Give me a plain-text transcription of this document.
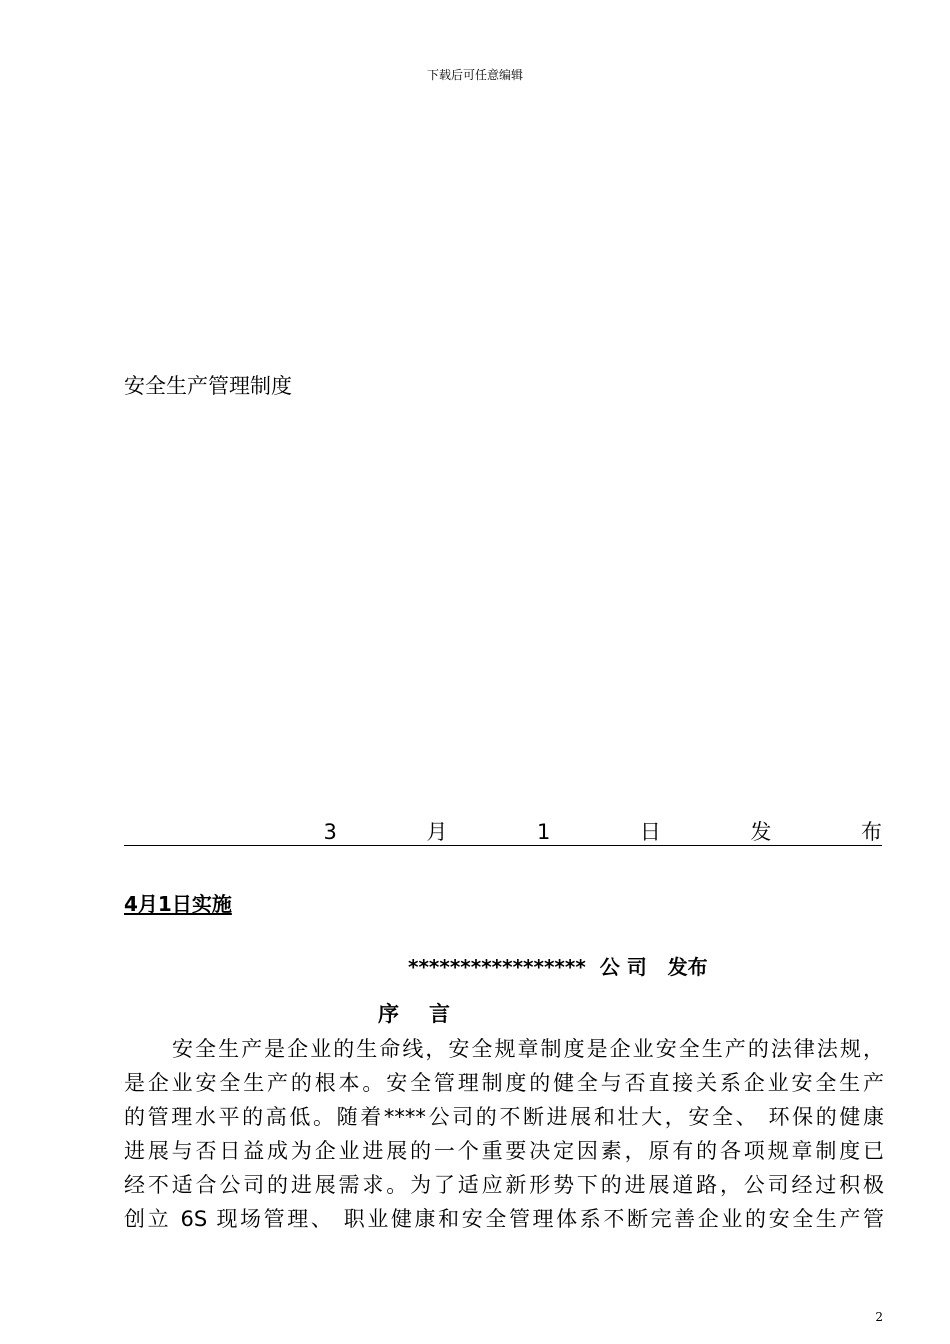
下载后可任意编辑
安全生产管理制度
3	月	1	日	发	布
4月1日实施
*****************  公 司   发布
序言
安全生产是企业的生命线，安全规章制度是企业安全生产的法律法规，
是企业安全生产的根本。安全管理制度的健全与否直接关系企业安全生产
的管理水平的高低。随着****公司的不断进展和壮大，安全、 环保的健康
进展与否日益成为企业进展的一个重要决定因素，原有的各项规章制度已
经不适合公司的进展需求。为了适应新形势下的进展道路，公司经过积极
创立 6S 现场管理、 职业健康和安全管理体系不断完善企业的安全生产管
2
